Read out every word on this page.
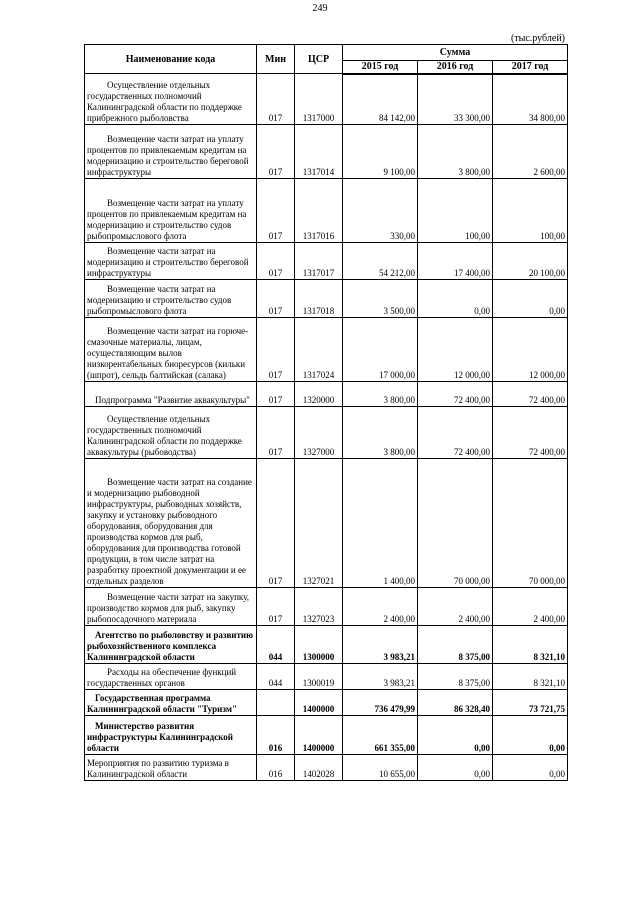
249
(тыс.рублей)
Наименование кода	Мин	ЦСР	Сумма		
			2015 год	2016 год	2017 год
Осуществление отдельных государственных полномочий Калининградской области по поддержке прибрежного рыболовства	017	1317000	84 142,00	33 300,00	34 800,00
Возмещение части затрат на уплату процентов по привлекаемым кредитам на модернизацию и строительство береговой инфраструктуры	017	1317014	9 100,00	3 800,00	2 600,00
Возмещение части затрат на уплату процентов по привлекаемым кредитам на модернизацию и строительство судов рыбопромыслового флота	017	1317016	330,00	100,00	100,00
Возмещение части затрат на модернизацию и строительство береговой инфраструктуры	017	1317017	54 212,00	17 400,00	20 100,00
Возмещение части затрат на модернизацию и строительство судов рыбопромыслового флота	017	1317018	3 500,00	0,00	0,00
Возмещение части затрат на горюче-смазочные материалы, лицам, осуществляющим вылов низкорентабельных биоресурсов (кильки (шпрот), сельдь балтийская (салака)	017	1317024	17 000,00	12 000,00	12 000,00
Подпрограмма "Развитие аквакультуры"	017	1320000	3 800,00	72 400,00	72 400,00
Осуществление отдельных государственных полномочий Калининградской области по поддержке аквакультуры (рыбоводства)	017	1327000	3 800,00	72 400,00	72 400,00
Возмещение части затрат на создание и модернизацию рыбоводной инфраструктуры, рыбоводных хозяйств, закупку и установку рыбоводного оборудования, оборудования для производства кормов для рыб, оборудования для производства готовой продукции, в том числе затрат на разработку проектной документации и ее отдельных разделов	017	1327021	1 400,00	70 000,00	70 000,00
Возмещение части затрат на закупку, производство кормов для рыб, закупку рыбопосадочного материала	017	1327023	2 400,00	2 400,00	2 400,00
Агентство по рыболовству и развитию рыбохозяйственного комплекса Калининградской области	044	1300000	3 983,21	8 375,00	8 321,10
Расходы на обеспечение функций государственных органов	044	1300019	3 983,21	8 375,00	8 321,10
Государственная программа Калининградской области "Туризм"		1400000	736 479,99	86 328,40	73 721,75
Министерство развития инфраструктуры Калининградской области	016	1400000	661 355,00	0,00	0,00
Мероприятия по развитию туризма в Калининградской области	016	1402028	10 655,00	0,00	0,00
